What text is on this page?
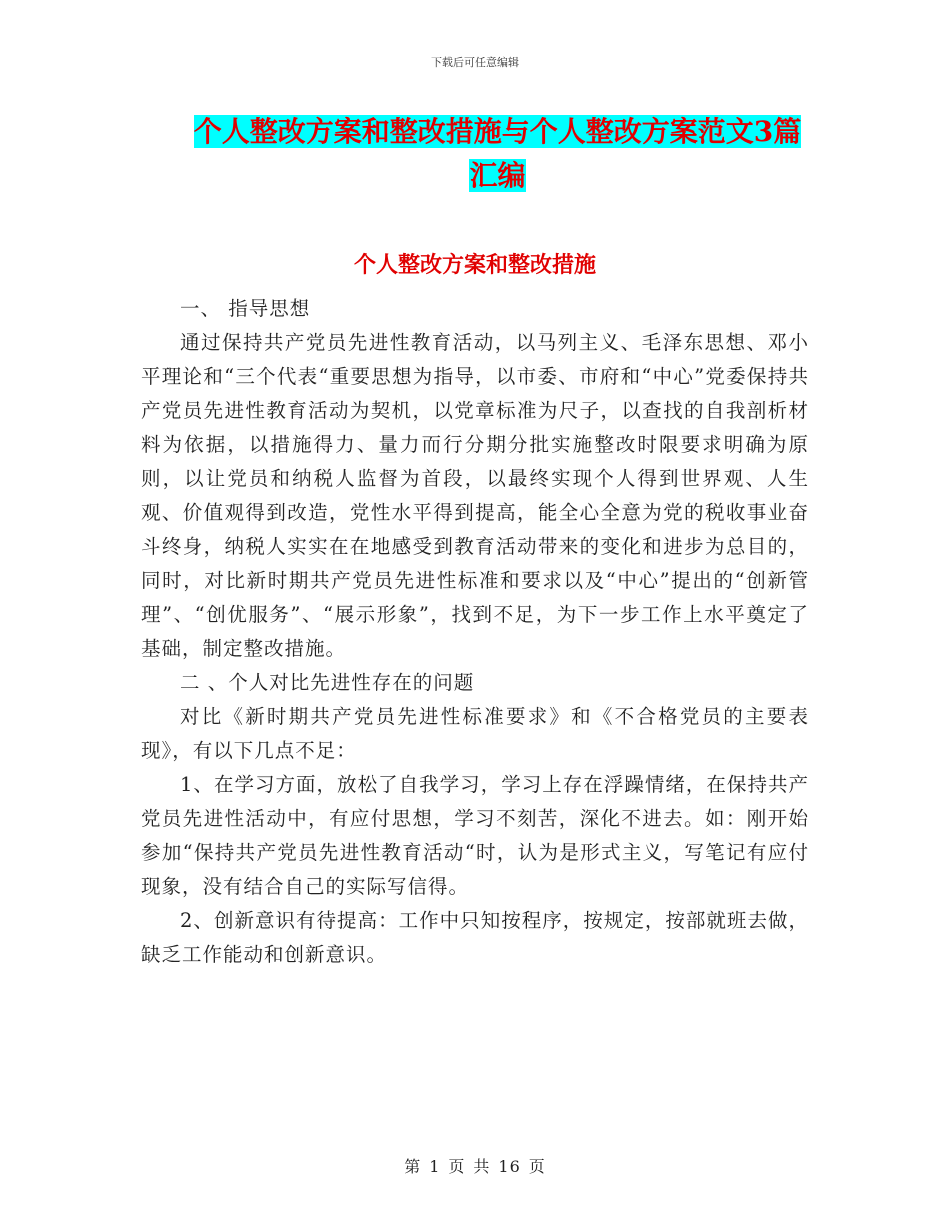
下载后可任意编辑
个人整改方案和整改措施与个人整改方案范文3篇汇编
个人整改方案和整改措施

一、 指导思想

通过保持共产党员先进性教育活动，以马列主义、毛泽东思想、邓小平理论和“三个代表“重要思想为指导，以市委、市府和“中心”党委保持共产党员先进性教育活动为契机，以党章标准为尺子，以查找的自我剖析材料为依据，以措施得力、量力而行分期分批实施整改时限要求明确为原则，以让党员和纳税人监督为首段，以最终实现个人得到世界观、人生观、价值观得到改造，党性水平得到提高，能全心全意为党的税收事业奋斗终身，纳税人实实在在地感受到教育活动带来的变化和进步为总目的，同时，对比新时期共产党员先进性标准和要求以及“中心”提出的“创新管理”、“创优服务”、“展示形象”，找到不足，为下一步工作上水平奠定了基础，制定整改措施。

二 、个人对比先进性存在的问题

对比《新时期共产党员先进性标准要求》和《不合格党员的主要表现》，有以下几点不足：

1、在学习方面，放松了自我学习，学习上存在浮躁情绪，在保持共产党员先进性活动中，有应付思想，学习不刻苦，深化不进去。如：刚开始参加“保持共产党员先进性教育活动“时，认为是形式主义，写笔记有应付现象，没有结合自己的实际写信得。

2、创新意识有待提高：工作中只知按程序，按规定，按部就班去做，缺乏工作能动和创新意识。

第 1 页 共 16 页
